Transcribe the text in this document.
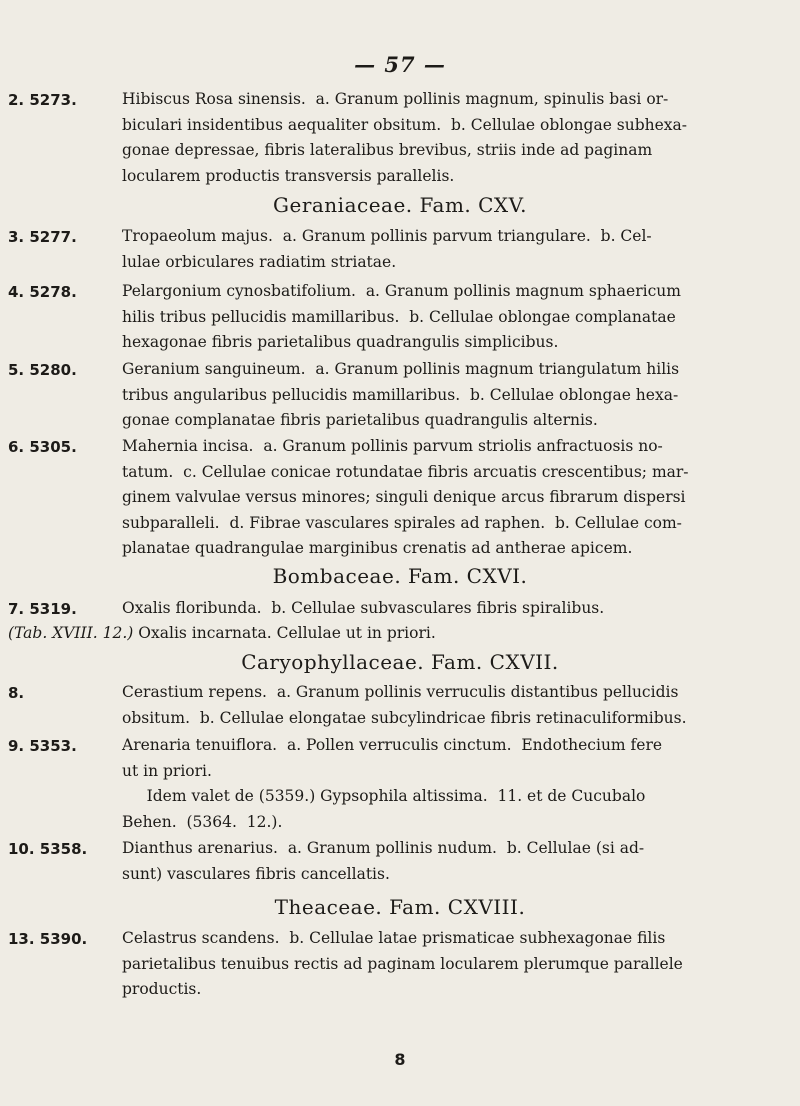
— 57 —
2. 5273.	Hibiscus Rosa sinensis.  a. Granum pollinis magnum, spinulis basi or-
biculari insidentibus aequaliter obsitum.  b. Cellulae oblongae subhexa-
gonae depressae, fibris lateralibus brevibus, striis inde ad paginam
locularem productis transversis parallelis.
Geraniaceae. Fam. CXV.
3. 5277.	Tropaeolum majus.  a. Granum pollinis parvum triangulare.  b. Cel-
lulae orbiculares radiatim striatae.
4. 5278.	Pelargonium cynosbatifolium.  a. Granum pollinis magnum sphaericum
hilis tribus pellucidis mamillaribus.  b. Cellulae oblongae complanatae
hexagonae fibris parietalibus quadrangulis simplicibus.
5. 5280.	Geranium sanguineum.  a. Granum pollinis magnum triangulatum hilis
tribus angularibus pellucidis mamillaribus.  b. Cellulae oblongae hexa-
gonae complanatae fibris parietalibus quadrangulis alternis.
6. 5305.	Mahernia incisa.  a. Granum pollinis parvum striolis anfractuosis no-
tatum.  c. Cellulae conicae rotundatae fibris arcuatis crescentibus; mar-
ginem valvulae versus minores; singuli denique arcus fibrarum dispersi
subparalleli.  d. Fibrae vasculares spirales ad raphen.  b. Cellulae com-
planatae quadrangulae marginibus crenatis ad antherae apicem.
Bombaceae. Fam. CXVI.
7. 5319.	Oxalis floribunda.  b. Cellulae subvasculares fibris spiralibus.
(Tab. XVIII. 12.) Oxalis incarnata. Cellulae ut in priori.
Caryophyllaceae. Fam. CXVII.
8.	Cerastium repens.  a. Granum pollinis verruculis distantibus pellucidis
obsitum.  b. Cellulae elongatae subcylindricae fibris retinaculiformibus.
9. 5353.	Arenaria tenuiflora.  a. Pollen verruculis cinctum.  Endothecium fere
ut in priori.
Idem valet de (5359.) Gypsophila altissima.  11. et de Cucubalo
Behen.  (5364.  12.).
10. 5358.	Dianthus arenarius.  a. Granum pollinis nudum.  b. Cellulae (si ad-
sunt) vasculares fibris cancellatis.
Theaceae. Fam. CXVIII.
13. 5390.	Celastrus scandens.  b. Cellulae latae prismaticae subhexagonae filis
parietalibus tenuibus rectis ad paginam locularem plerumque parallele
productis.
8
